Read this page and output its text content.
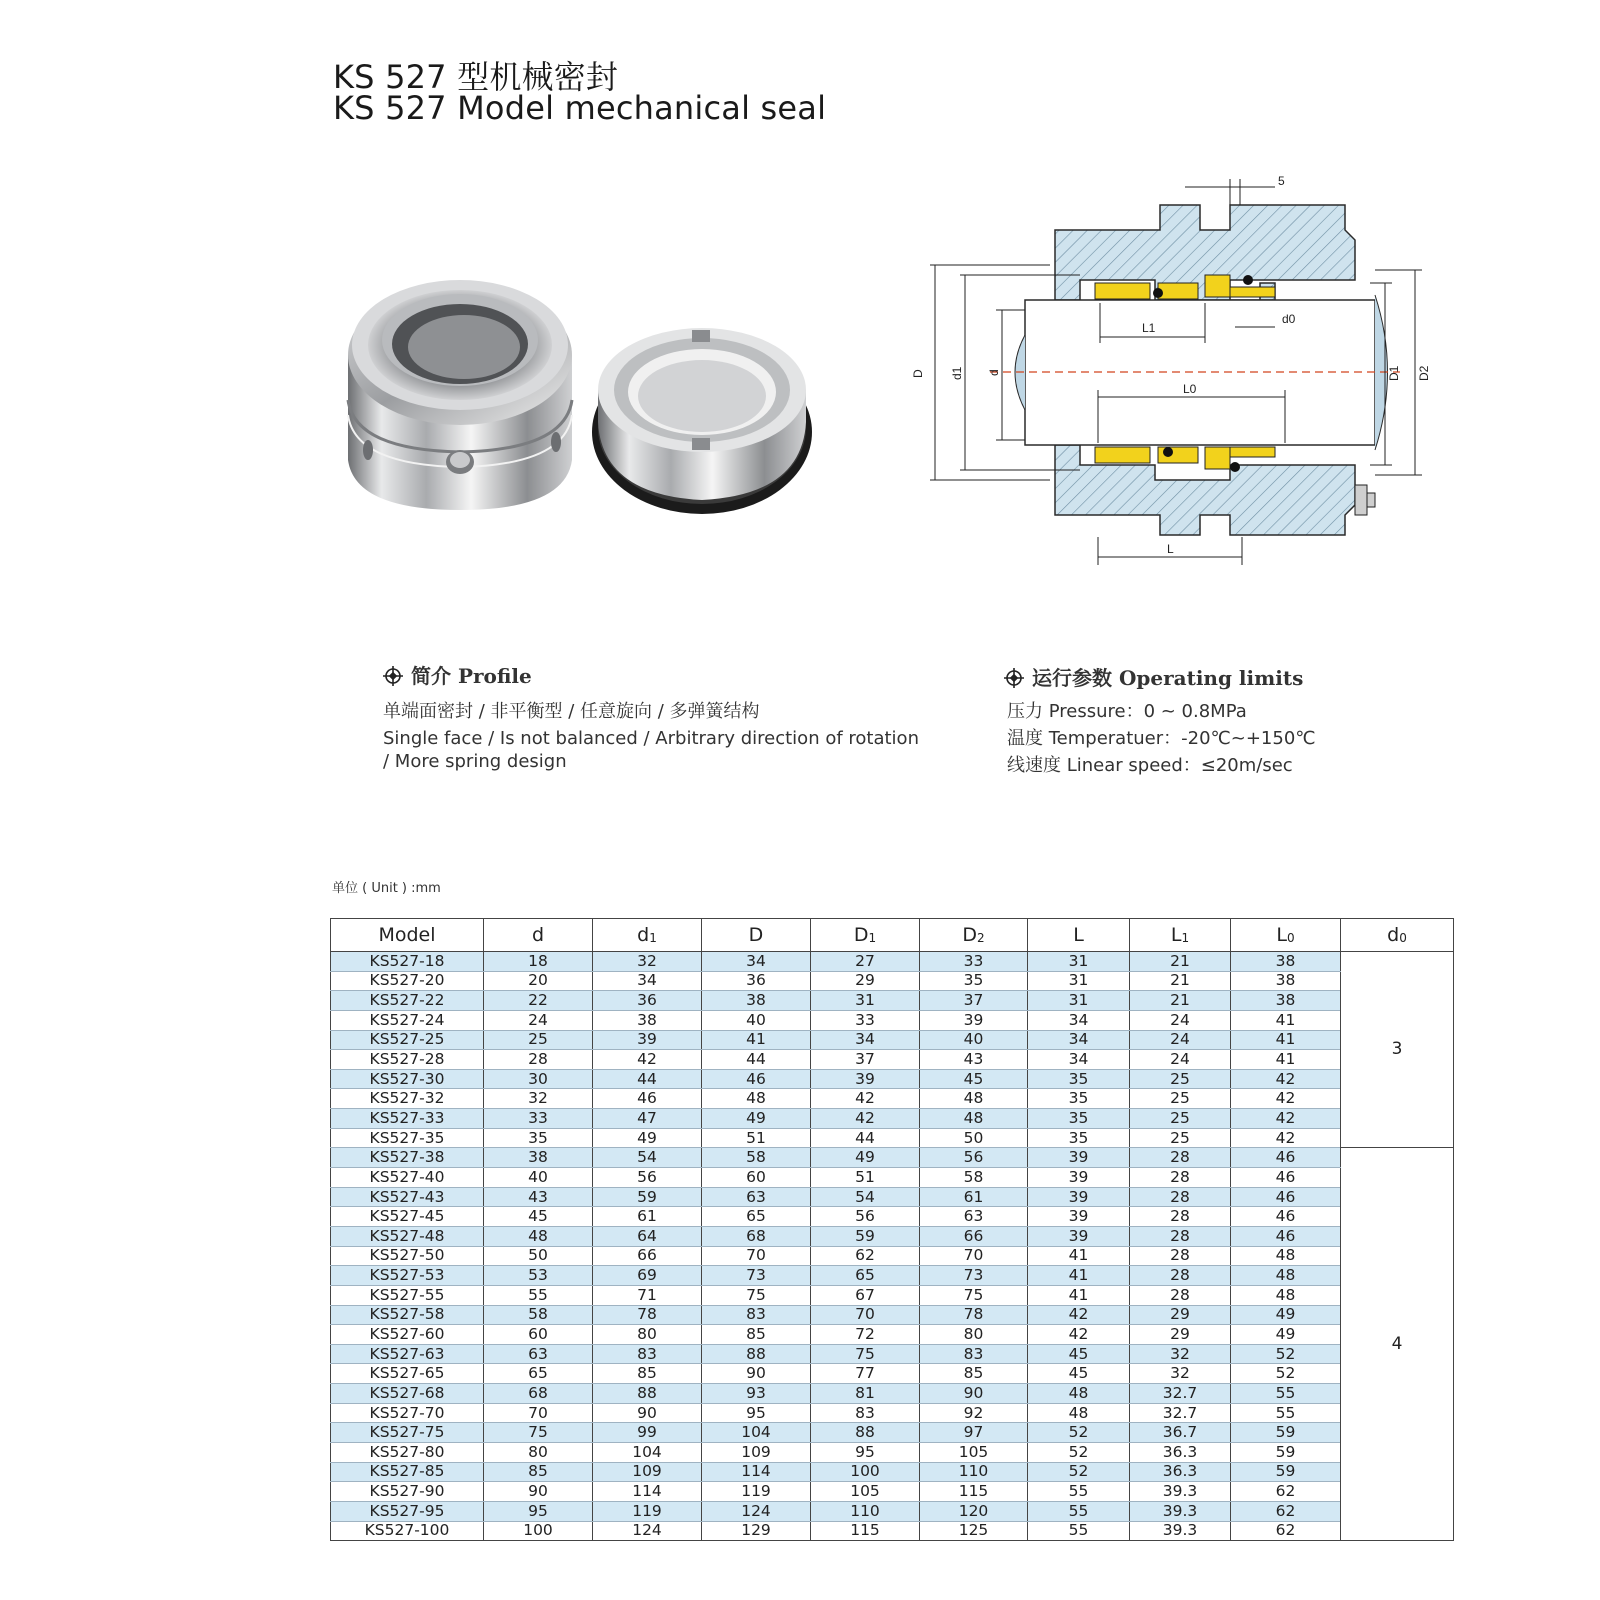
KS 527 型机械密封
KS 527 Model mechanical seal
5
D d1 d
L1
d0
L0
L
D1 D2
简介 Profile
单端面密封 / 非平衡型 / 任意旋向 / 多弹簧结构
Single face / Is not balanced / Arbitrary direction of rotation
/ More spring design
运行参数 Operating limits
压力 Pressure：0 ~ 0.8MPa
温度 Temperatuer：-20℃~+150℃
线速度 Linear speed：≤20m/sec
单位 ( Unit ) :mm
Model	d	$d_1$	D	$D_1$	$D_2$	L	$L_1$	$L_0$	$d_0$
KS527-18	18	32	34	27	33	31	21	38	3
KS527-20	20	34	36	29	35	31	21	38	
KS527-22	22	36	38	31	37	31	21	38	
KS527-24	24	38	40	33	39	34	24	41	
KS527-25	25	39	41	34	40	34	24	41	
KS527-28	28	42	44	37	43	34	24	41	
KS527-30	30	44	46	39	45	35	25	42	
KS527-32	32	46	48	42	48	35	25	42	
KS527-33	33	47	49	42	48	35	25	42	
KS527-35	35	49	51	44	50	35	25	42	
KS527-38	38	54	58	49	56	39	28	46	4
KS527-40	40	56	60	51	58	39	28	46	
KS527-43	43	59	63	54	61	39	28	46	
KS527-45	45	61	65	56	63	39	28	46	
KS527-48	48	64	68	59	66	39	28	46	
KS527-50	50	66	70	62	70	41	28	48	
KS527-53	53	69	73	65	73	41	28	48	
KS527-55	55	71	75	67	75	41	28	48	
KS527-58	58	78	83	70	78	42	29	49	
KS527-60	60	80	85	72	80	42	29	49	
KS527-63	63	83	88	75	83	45	32	52	
KS527-65	65	85	90	77	85	45	32	52	
KS527-68	68	88	93	81	90	48	32.7	55	
KS527-70	70	90	95	83	92	48	32.7	55	
KS527-75	75	99	104	88	97	52	36.7	59	
KS527-80	80	104	109	95	105	52	36.3	59	
KS527-85	85	109	114	100	110	52	36.3	59	
KS527-90	90	114	119	105	115	55	39.3	62	
KS527-95	95	119	124	110	120	55	39.3	62	
KS527-100	100	124	129	115	125	55	39.3	62	
